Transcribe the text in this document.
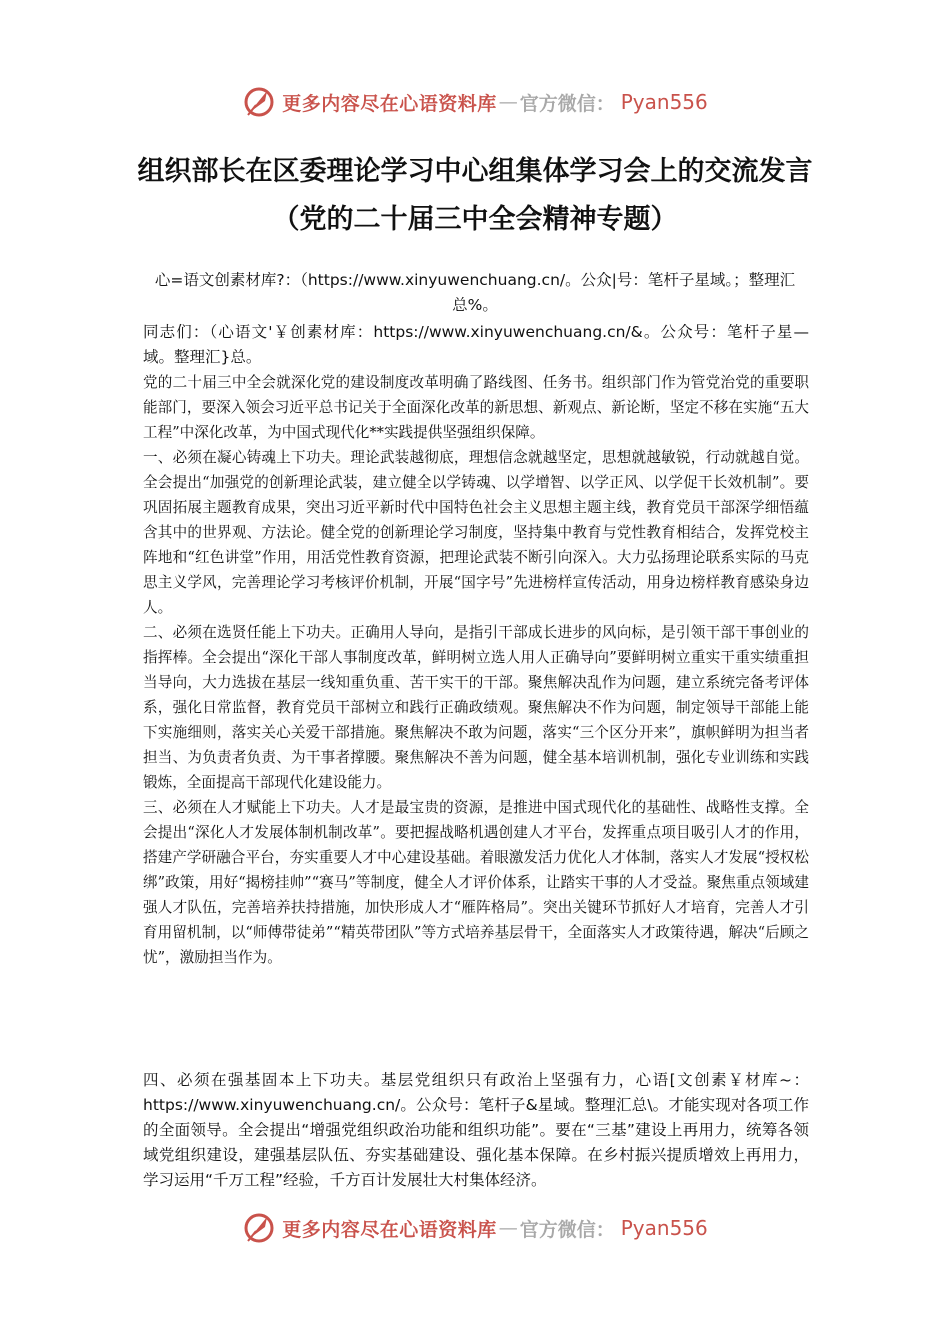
更多内容尽在心语资料库 — 官方微信： Pyan556
组织部长在区委理论学习中心组集体学习会上的交流发言（党的二十届三中全会精神专题）
心=语文创素材库?：（https://www.xinyuwenchuang.cn/。公众|号：笔杆子星域。；整理汇总%。

同志们：（心语文'￥创素材库：https://www.xinyuwenchuang.cn/&。公众号：笔杆子星—域。整理汇}总。

党的二十届三中全会就深化党的建设制度改革明确了路线图、任务书。组织部门作为管党治党的重要职能部门，要深入领会习近平总书记关于全面深化改革的新思想、新观点、新论断，坚定不移在实施“五大工程”中深化改革，为中国式现代化**实践提供坚强组织保障。

一、必须在凝心铸魂上下功夫。理论武装越彻底，理想信念就越坚定，思想就越敏锐，行动就越自觉。全会提出“加强党的创新理论武装，建立健全以学铸魂、以学增智、以学正风、以学促干长效机制”。要巩固拓展主题教育成果，突出习近平新时代中国特色社会主义思想主题主线，教育党员干部深学细悟蕴含其中的世界观、方法论。健全党的创新理论学习制度，坚持集中教育与党性教育相结合，发挥党校主阵地和“红色讲堂”作用，用活党性教育资源，把理论武装不断引向深入。大力弘扬理论联系实际的马克思主义学风，完善理论学习考核评价机制，开展“国字号”先进榜样宣传活动，用身边榜样教育感染身边人。

二、必须在选贤任能上下功夫。正确用人导向，是指引干部成长进步的风向标，是引领干部干事创业的指挥棒。全会提出“深化干部人事制度改革，鲜明树立选人用人正确导向”要鲜明树立重实干重实绩重担当导向，大力选拔在基层一线知重负重、苦干实干的干部。聚焦解决乱作为问题，建立系统完备考评体系，强化日常监督，教育党员干部树立和践行正确政绩观。聚焦解决不作为问题，制定领导干部能上能下实施细则，落实关心关爱干部措施。聚焦解决不敢为问题，落实“三个区分开来”，旗帜鲜明为担当者担当、为负责者负责、为干事者撑腰。聚焦解决不善为问题，健全基本培训机制，强化专业训练和实践锻炼，全面提高干部现代化建设能力。

三、必须在人才赋能上下功夫。人才是最宝贵的资源，是推进中国式现代化的基础性、战略性支撑。全会提出“深化人才发展体制机制改革”。要把握战略机遇创建人才平台，发挥重点项目吸引人才的作用，搭建产学研融合平台，夯实重要人才中心建设基础。着眼激发活力优化人才体制，落实人才发展“授权松绑”政策，用好“揭榜挂帅”“赛马”等制度，健全人才评价体系，让踏实干事的人才受益。聚焦重点领域建强人才队伍，完善培养扶持措施，加快形成人才“雁阵格局”。突出关键环节抓好人才培育，完善人才引育用留机制，以“师傅带徒弟”“精英带团队”等方式培养基层骨干，全面落实人才政策待遇，解决“后顾之忧”，激励担当作为。

四、必须在强基固本上下功夫。基层党组织只有政治上坚强有力，心语[文创素￥材库~：https://www.xinyuwenchuang.cn/。公众号：笔杆子&星域。整理汇总\。才能实现对各项工作的全面领导。全会提出“增强党组织政治功能和组织功能”。要在“三基”建设上再用力，统筹各领域党组织建设，建强基层队伍、夯实基础建设、强化基本保障。在乡村振兴提质增效上再用力，学习运用“千万工程”经验，千方百计发展壮大村集体经济。

更多内容尽在心语资料库 — 官方微信： Pyan556
